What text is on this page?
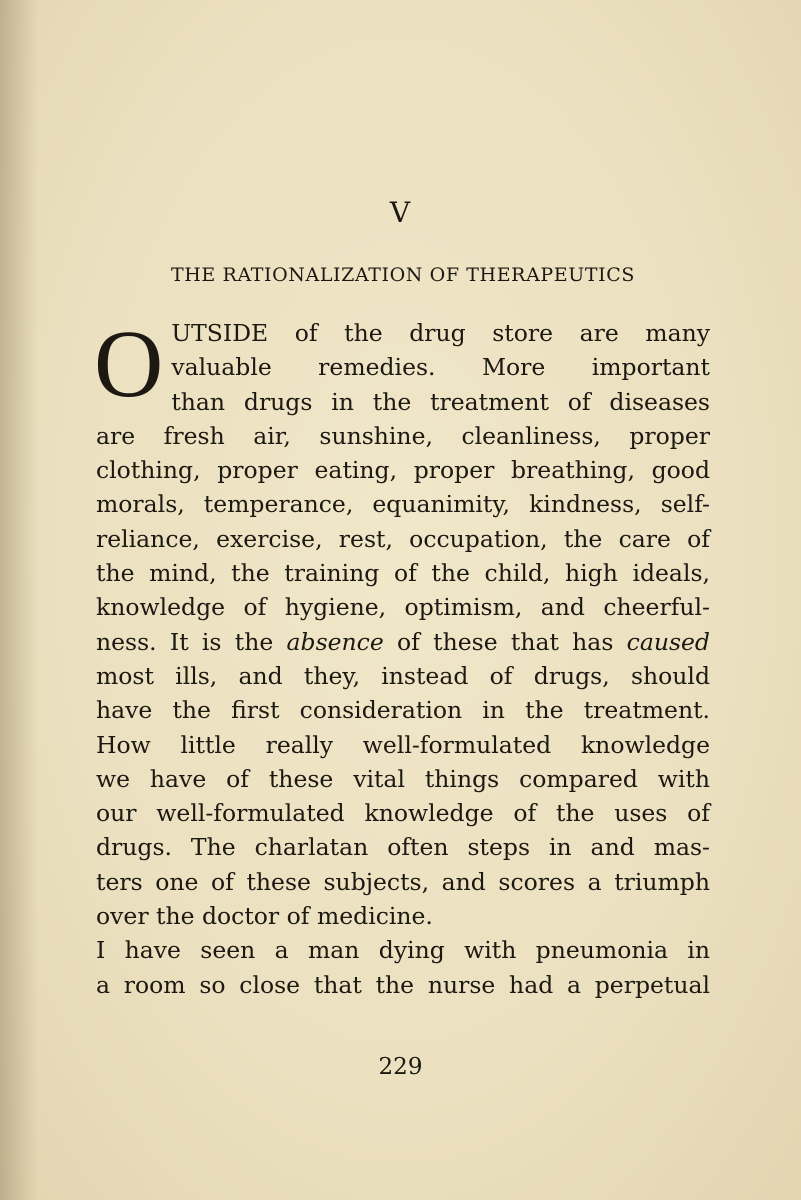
V
THE RATIONALIZATION OF THERAPEUTICS
O UTSIDE of the drug store are many
valuable remedies. More important
than drugs in the treatment of diseases
are fresh air, sunshine, cleanliness, proper
clothing, proper eating, proper breathing, good
morals, temperance, equanimity, kindness, self-
reliance, exercise, rest, occupation, the care of
the mind, the training of the child, high ideals,
knowledge of hygiene, optimism, and cheerful-
ness. It is the absence of these that has caused
most ills, and they, instead of drugs, should
have the first consideration in the treatment.
How little really well-formulated knowledge
we have of these vital things compared with
our well-formulated knowledge of the uses of
drugs. The charlatan often steps in and mas-
ters one of these subjects, and scores a triumph
over the doctor of medicine.
I have seen a man dying with pneumonia in
a room so close that the nurse had a perpetual
229
